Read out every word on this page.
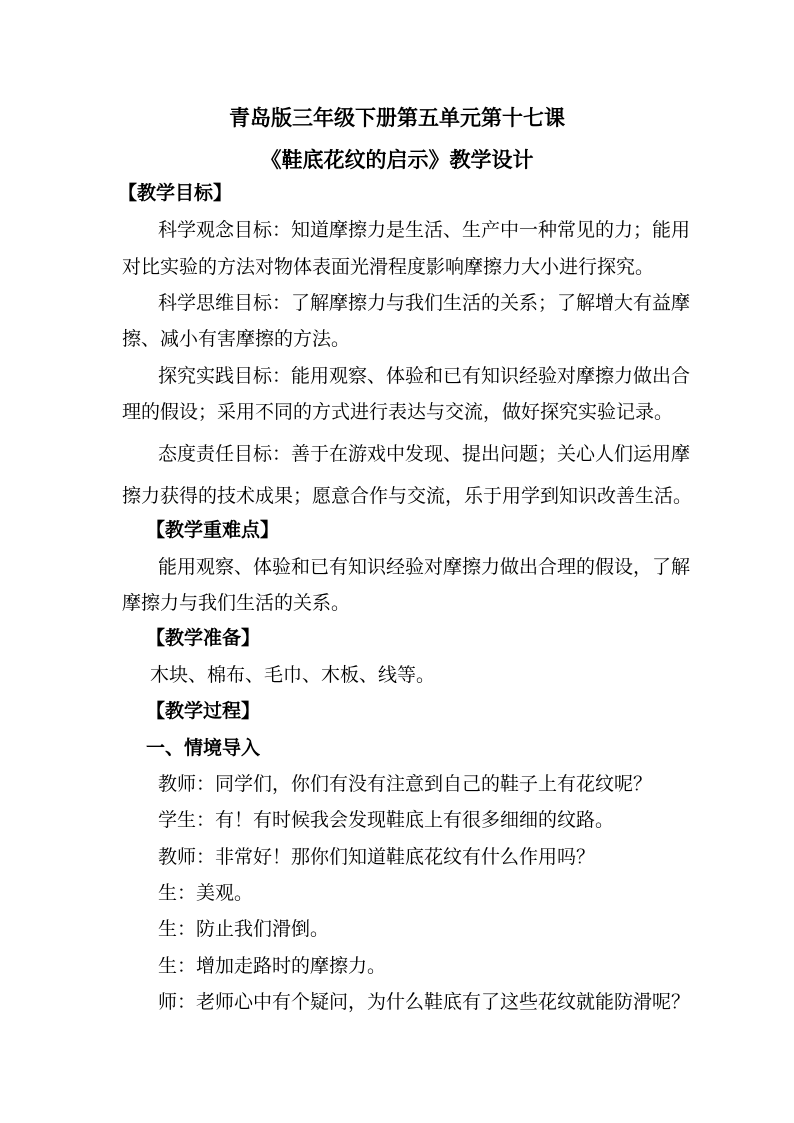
青岛版三年级下册第五单元第十七课
《鞋底花纹的启示》教学设计
【教学目标】
科学观念目标：知道摩擦力是生活、生产中一种常见的力；能用
对比实验的方法对物体表面光滑程度影响摩擦力大小进行探究。
科学思维目标：了解摩擦力与我们生活的关系；了解增大有益摩
擦、减小有害摩擦的方法。
探究实践目标：能用观察、体验和已有知识经验对摩擦力做出合
理的假设；采用不同的方式进行表达与交流，做好探究实验记录。
态度责任目标：善于在游戏中发现、提出问题；关心人们运用摩
擦力获得的技术成果；愿意合作与交流，乐于用学到知识改善生活。
【教学重难点】
能用观察、体验和已有知识经验对摩擦力做出合理的假设，了解
摩擦力与我们生活的关系。
【教学准备】
木块、棉布、毛巾、木板、线等。
【教学过程】
一、情境导入
教师：同学们，你们有没有注意到自己的鞋子上有花纹呢？
学生：有！有时候我会发现鞋底上有很多细细的纹路。
教师：非常好！那你们知道鞋底花纹有什么作用吗？
生：美观。
生：防止我们滑倒。
生：增加走路时的摩擦力。
师：老师心中有个疑问，为什么鞋底有了这些花纹就能防滑呢？
